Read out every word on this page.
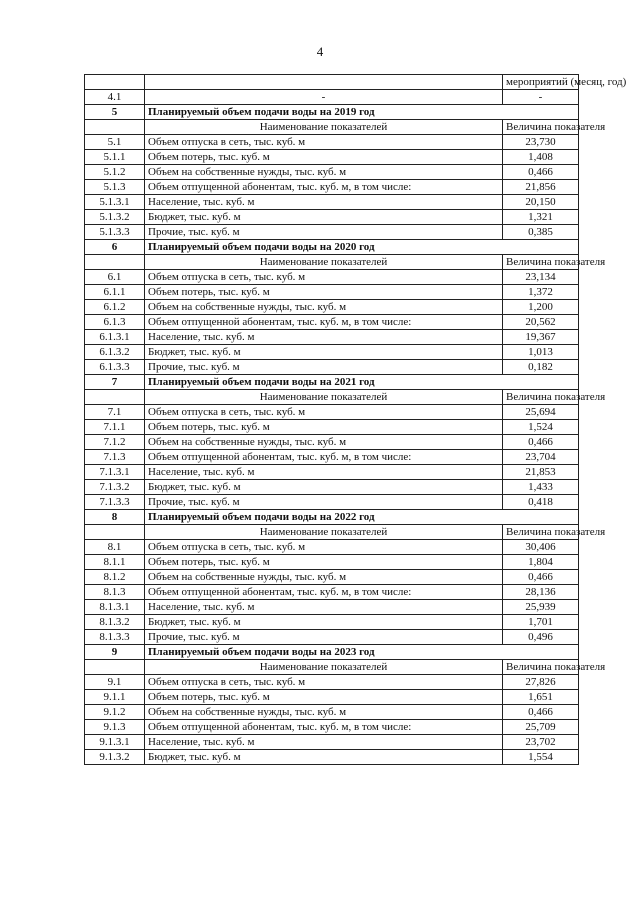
4
		мероприятий (месяц, год)
4.1	-	-
5	Планируемый объем подачи воды на 2019 год	
	Наименование показателей	Величина показателя
5.1	Объем отпуска в сеть, тыс. куб. м	23,730
5.1.1	Объем потерь, тыс. куб. м	1,408
5.1.2	Объем на собственные нужды, тыс. куб. м	0,466
5.1.3	Объем отпущенной абонентам, тыс. куб. м, в том числе:	21,856
5.1.3.1	Население, тыс. куб. м	20,150
5.1.3.2	Бюджет, тыс. куб. м	1,321
5.1.3.3	Прочие, тыс. куб. м	0,385
6	Планируемый объем подачи воды на 2020 год	
	Наименование показателей	Величина показателя
6.1	Объем отпуска в сеть, тыс. куб. м	23,134
6.1.1	Объем потерь, тыс. куб. м	1,372
6.1.2	Объем на собственные нужды, тыс. куб. м	1,200
6.1.3	Объем отпущенной абонентам, тыс. куб. м, в том числе:	20,562
6.1.3.1	Население, тыс. куб. м	19,367
6.1.3.2	Бюджет, тыс. куб. м	1,013
6.1.3.3	Прочие, тыс. куб. м	0,182
7	Планируемый объем подачи воды на 2021 год	
	Наименование показателей	Величина показателя
7.1	Объем отпуска в сеть, тыс. куб. м	25,694
7.1.1	Объем потерь, тыс. куб. м	1,524
7.1.2	Объем на собственные нужды, тыс. куб. м	0,466
7.1.3	Объем отпущенной абонентам, тыс. куб. м, в том числе:	23,704
7.1.3.1	Население, тыс. куб. м	21,853
7.1.3.2	Бюджет, тыс. куб. м	1,433
7.1.3.3	Прочие, тыс. куб. м	0,418
8	Планируемый объем подачи воды на 2022 год	
	Наименование показателей	Величина показателя
8.1	Объем отпуска в сеть, тыс. куб. м	30,406
8.1.1	Объем потерь, тыс. куб. м	1,804
8.1.2	Объем на собственные нужды, тыс. куб. м	0,466
8.1.3	Объем отпущенной абонентам, тыс. куб. м, в том числе:	28,136
8.1.3.1	Население, тыс. куб. м	25,939
8.1.3.2	Бюджет, тыс. куб. м	1,701
8.1.3.3	Прочие, тыс. куб. м	0,496
9	Планируемый объем подачи воды на 2023 год	
	Наименование показателей	Величина показателя
9.1	Объем отпуска в сеть, тыс. куб. м	27,826
9.1.1	Объем потерь, тыс. куб. м	1,651
9.1.2	Объем на собственные нужды, тыс. куб. м	0,466
9.1.3	Объем отпущенной абонентам, тыс. куб. м, в том числе:	25,709
9.1.3.1	Население, тыс. куб. м	23,702
9.1.3.2	Бюджет, тыс. куб. м	1,554
